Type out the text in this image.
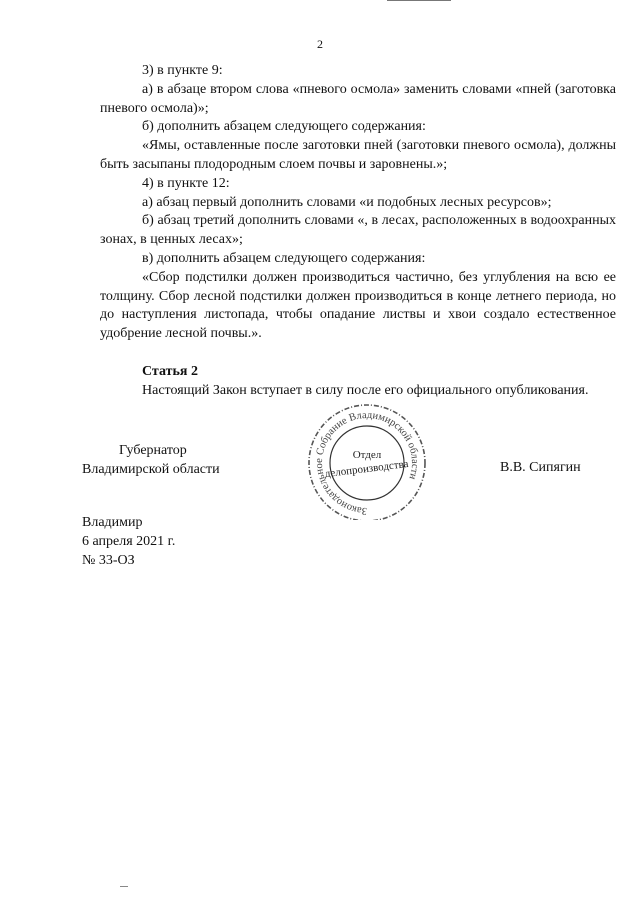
2

3) в пункте 9:

а) в абзаце втором слова «пневого осмола» заменить словами «пней (заготовка пневого осмола)»;

б) дополнить абзацем следующего содержания:

«Ямы, оставленные после заготовки пней (заготовки пневого осмола), должны быть засыпаны плодородным слоем почвы и заровнены.»;

4) в пункте 12:

а) абзац первый дополнить словами «и подобных лесных ресурсов»;

б) абзац третий дополнить словами «, в лесах, расположенных в водоохранных зонах, в ценных лесах»;

в) дополнить абзацем следующего содержания:

«Сбор подстилки должен производиться частично, без углубления на всю ее толщину. Сбор лесной подстилки должен производиться в конце летнего периода, но до наступления листопада, чтобы опадание листвы и хвои создало естественное удобрение лесной почвы.».

Статья 2

Настоящий Закон вступает в силу после его официального опубликования.

Губернатор
Владимирской области	В.В. Сипягин
Законодательное Собрание Владимирской области
Отдел
делопроизводства
Владимир
6 апреля 2021 г.
№ 33-ОЗ
